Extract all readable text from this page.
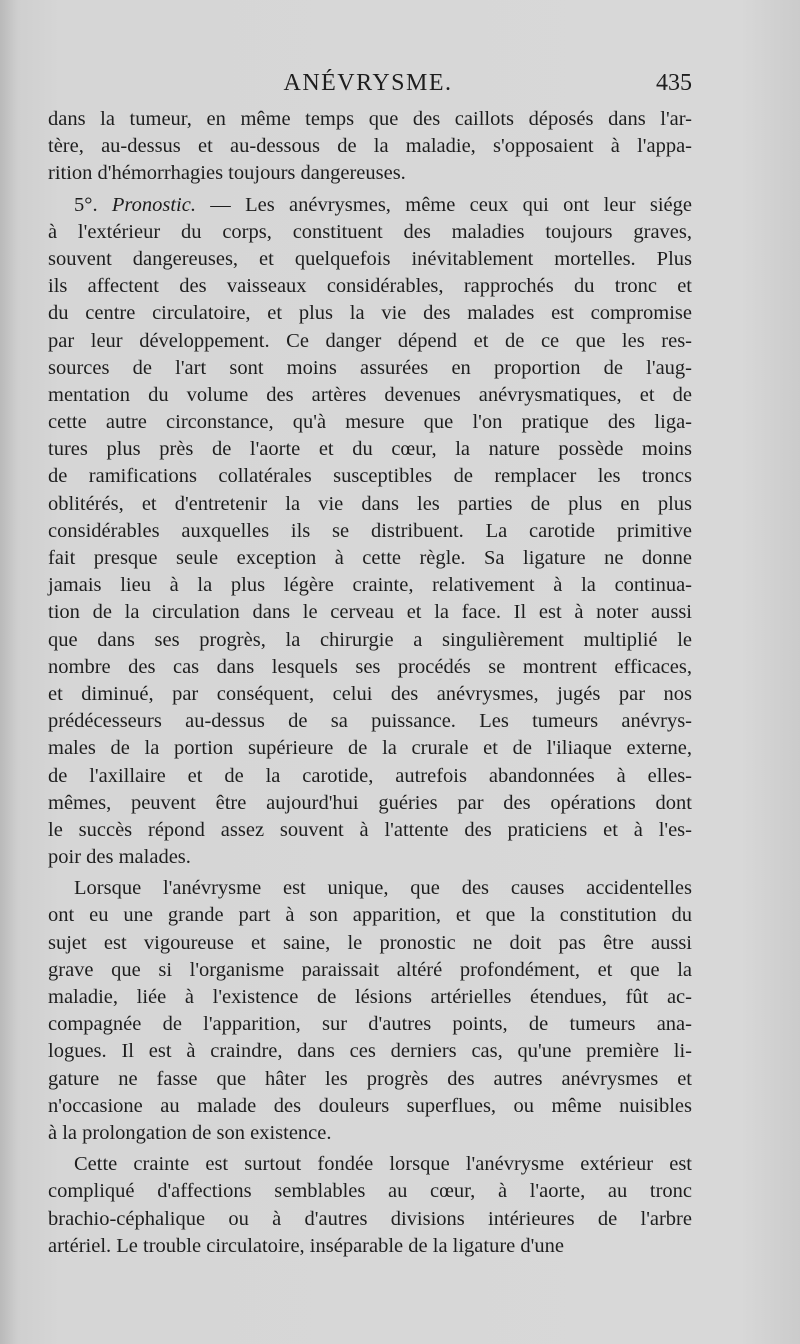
ANÉVRYSME.	435
dans la tumeur, en même temps que des caillots déposés dans l'ar-
tère, au-dessus et au-dessous de la maladie, s'opposaient à l'appa-
rition d'hémorrhagies toujours dangereuses.
5°. Pronostic. — Les anévrysmes, même ceux qui ont leur siége
à l'extérieur du corps, constituent des maladies toujours graves,
souvent dangereuses, et quelquefois inévitablement mortelles. Plus
ils affectent des vaisseaux considérables, rapprochés du tronc et
du centre circulatoire, et plus la vie des malades est compromise
par leur développement. Ce danger dépend et de ce que les res-
sources de l'art sont moins assurées en proportion de l'aug-
mentation du volume des artères devenues anévrysmatiques, et de
cette autre circonstance, qu'à mesure que l'on pratique des liga-
tures plus près de l'aorte et du cœur, la nature possède moins
de ramifications collatérales susceptibles de remplacer les troncs
oblitérés, et d'entretenir la vie dans les parties de plus en plus
considérables auxquelles ils se distribuent. La carotide primitive
fait presque seule exception à cette règle. Sa ligature ne donne
jamais lieu à la plus légère crainte, relativement à la continua-
tion de la circulation dans le cerveau et la face. Il est à noter aussi
que dans ses progrès, la chirurgie a singulièrement multiplié le
nombre des cas dans lesquels ses procédés se montrent efficaces,
et diminué, par conséquent, celui des anévrysmes, jugés par nos
prédécesseurs au-dessus de sa puissance. Les tumeurs anévrys-
males de la portion supérieure de la crurale et de l'iliaque externe,
de l'axillaire et de la carotide, autrefois abandonnées à elles-
mêmes, peuvent être aujourd'hui guéries par des opérations dont
le succès répond assez souvent à l'attente des praticiens et à l'es-
poir des malades.
Lorsque l'anévrysme est unique, que des causes accidentelles
ont eu une grande part à son apparition, et que la constitution du
sujet est vigoureuse et saine, le pronostic ne doit pas être aussi
grave que si l'organisme paraissait altéré profondément, et que la
maladie, liée à l'existence de lésions artérielles étendues, fût ac-
compagnée de l'apparition, sur d'autres points, de tumeurs ana-
logues. Il est à craindre, dans ces derniers cas, qu'une première li-
gature ne fasse que hâter les progrès des autres anévrysmes et
n'occasione au malade des douleurs superflues, ou même nuisibles
à la prolongation de son existence.
Cette crainte est surtout fondée lorsque l'anévrysme extérieur est
compliqué d'affections semblables au cœur, à l'aorte, au tronc
brachio-céphalique ou à d'autres divisions intérieures de l'arbre
artériel. Le trouble circulatoire, inséparable de la ligature d'une
